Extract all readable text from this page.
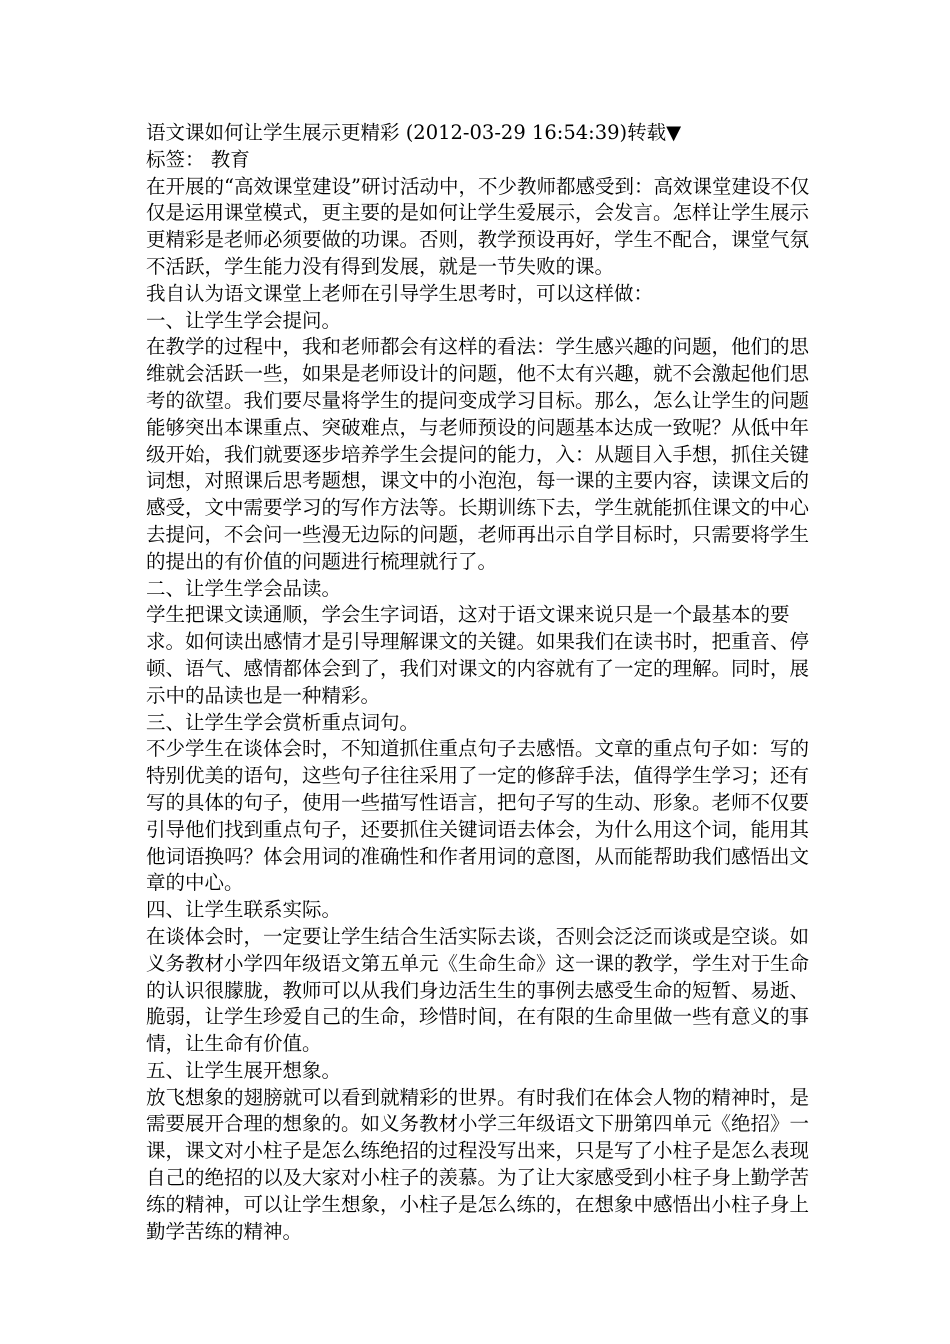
语文课如何让学生展示更精彩 (2012-03-29 16:54:39)转载▼

标签： 教育

在开展的“高效课堂建设”研讨活动中，不少教师都感受到：高效课堂建设不仅仅是运用课堂模式，更主要的是如何让学生爱展示，会发言。怎样让学生展示更精彩是老师必须要做的功课。否则，教学预设再好，学生不配合，课堂气氛不活跃，学生能力没有得到发展，就是一节失败的课。

我自认为语文课堂上老师在引导学生思考时，可以这样做：

一、让学生学会提问。

在教学的过程中，我和老师都会有这样的看法：学生感兴趣的问题，他们的思维就会活跃一些，如果是老师设计的问题，他不太有兴趣，就不会激起他们思考的欲望。我们要尽量将学生的提问变成学习目标。那么，怎么让学生的问题能够突出本课重点、突破难点，与老师预设的问题基本达成一致呢？从低中年级开始，我们就要逐步培养学生会提问的能力，入：从题目入手想，抓住关键词想，对照课后思考题想，课文中的小泡泡，每一课的主要内容，读课文后的感受，文中需要学习的写作方法等。长期训练下去，学生就能抓住课文的中心去提问，不会问一些漫无边际的问题，老师再出示自学目标时，只需要将学生的提出的有价值的问题进行梳理就行了。

二、让学生学会品读。

学生把课文读通顺，学会生字词语，这对于语文课来说只是一个最基本的要求。如何读出感情才是引导理解课文的关键。如果我们在读书时，把重音、停顿、语气、感情都体会到了，我们对课文的内容就有了一定的理解。同时，展示中的品读也是一种精彩。

三、让学生学会赏析重点词句。

不少学生在谈体会时，不知道抓住重点句子去感悟。文章的重点句子如：写的特别优美的语句，这些句子往往采用了一定的修辞手法，值得学生学习；还有写的具体的句子，使用一些描写性语言，把句子写的生动、形象。老师不仅要引导他们找到重点句子，还要抓住关键词语去体会，为什么用这个词，能用其他词语换吗？体会用词的准确性和作者用词的意图，从而能帮助我们感悟出文章的中心。

四、让学生联系实际。

在谈体会时，一定要让学生结合生活实际去谈，否则会泛泛而谈或是空谈。如义务教材小学四年级语文第五单元《生命生命》这一课的教学，学生对于生命的认识很朦胧，教师可以从我们身边活生生的事例去感受生命的短暂、易逝、脆弱，让学生珍爱自己的生命，珍惜时间，在有限的生命里做一些有意义的事情，让生命有价值。

五、让学生展开想象。

放飞想象的翅膀就可以看到就精彩的世界。有时我们在体会人物的精神时，是需要展开合理的想象的。如义务教材小学三年级语文下册第四单元《绝招》一课，课文对小柱子是怎么练绝招的过程没写出来，只是写了小柱子是怎么表现自己的绝招的以及大家对小柱子的羡慕。为了让大家感受到小柱子身上勤学苦练的精神，可以让学生想象，小柱子是怎么练的，在想象中感悟出小柱子身上勤学苦练的精神。
